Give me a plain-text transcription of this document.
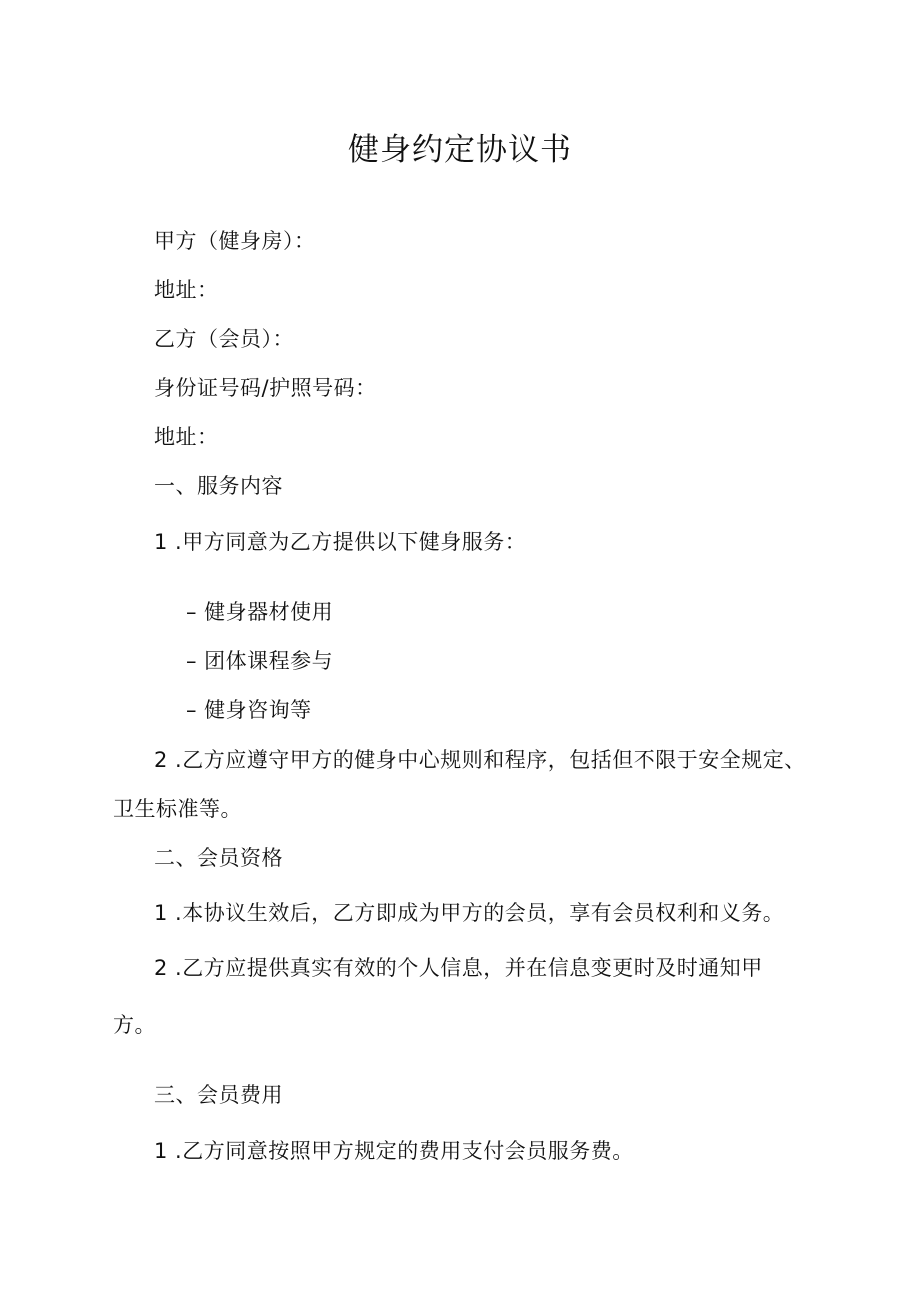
健身约定协议书
甲方（健身房）：
地址：
乙方（会员）：
身份证号码/护照号码：
地址：
一、服务内容
1 .甲方同意为乙方提供以下健身服务：
– 健身器材使用
– 团体课程参与
– 健身咨询等
2 .乙方应遵守甲方的健身中心规则和程序，包括但不限于安全规定、
卫生标准等。
二、会员资格
1 .本协议生效后，乙方即成为甲方的会员，享有会员权利和义务。
2 .乙方应提供真实有效的个人信息，并在信息变更时及时通知甲
方。
三、会员费用
1 .乙方同意按照甲方规定的费用支付会员服务费。
